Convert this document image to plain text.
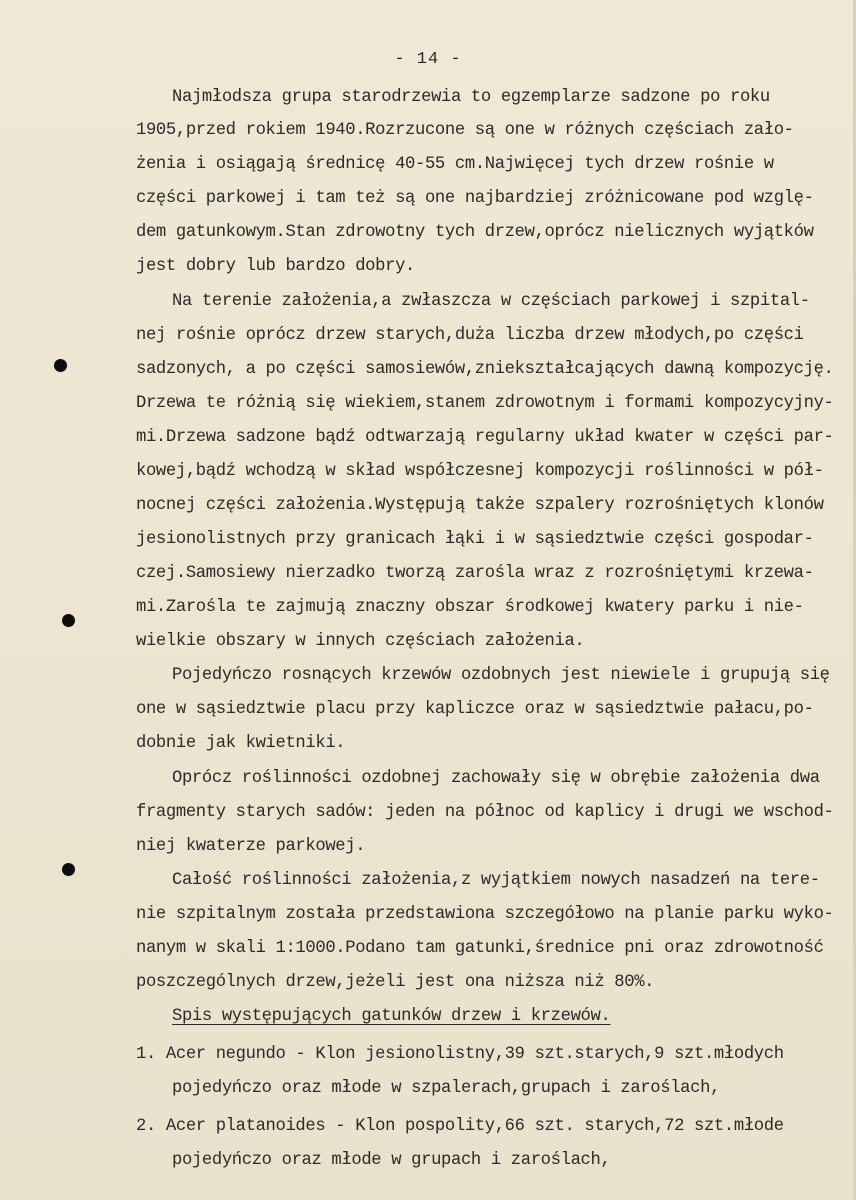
- 14 -
Najmłodsza grupa starodrzewia to egzemplarze sadzone po roku
1905,przed rokiem 1940.Rozrzucone są one w różnych częściach zało-
żenia i osiągają średnicę 40-55 cm.Najwięcej tych drzew rośnie w
części parkowej i tam też są one najbardziej zróżnicowane pod wzglę-
dem gatunkowym.Stan zdrowotny tych drzew,oprócz nielicznych wyjątków
jest dobry lub bardzo dobry.
Na terenie założenia,a zwłaszcza w częściach parkowej i szpital-
nej rośnie oprócz drzew starych,duża liczba drzew młodych,po części
sadzonych, a po części samosiewów,zniekształcających dawną kompozycję.
Drzewa te różnią się wiekiem,stanem zdrowotnym i formami kompozycyjny-
mi.Drzewa sadzone bądź odtwarzają regularny układ kwater w części par-
kowej,bądź wchodzą w skład współczesnej kompozycji roślinności w pół-
nocnej części założenia.Występują także szpalery rozrośniętych klonów
jesionolistnych przy granicach łąki i w sąsiedztwie części gospodar-
czej.Samosiewy nierzadko tworzą zarośla wraz z rozrośniętymi krzewa-
mi.Zarośla te zajmują znaczny obszar środkowej kwatery parku i nie-
wielkie obszary w innych częściach założenia.
Pojedyńczo rosnących krzewów ozdobnych jest niewiele i grupują się
one w sąsiedztwie placu przy kapliczce oraz w sąsiedztwie pałacu,po-
dobnie jak kwietniki.
Oprócz roślinności ozdobnej zachowały się w obrębie założenia dwa
fragmenty starych sadów: jeden na północ od kaplicy i drugi we wschod-
niej kwaterze parkowej.
Całość roślinności założenia,z wyjątkiem nowych nasadzeń na tere-
nie szpitalnym została przedstawiona szczegółowo na planie parku wyko-
nanym w skali 1:1000.Podano tam gatunki,średnice pni oraz zdrowotność
poszczególnych drzew,jeżeli jest ona niższa niż 80%.
Spis występujących gatunków drzew i krzewów.
1. Acer negundo - Klon jesionolistny,39 szt.starych,9 szt.młodych
pojedyńczo oraz młode w szpalerach,grupach i zaroślach,
2. Acer platanoides - Klon pospolity,66 szt. starych,72 szt.młode
pojedyńczo oraz młode w grupach i zaroślach,
